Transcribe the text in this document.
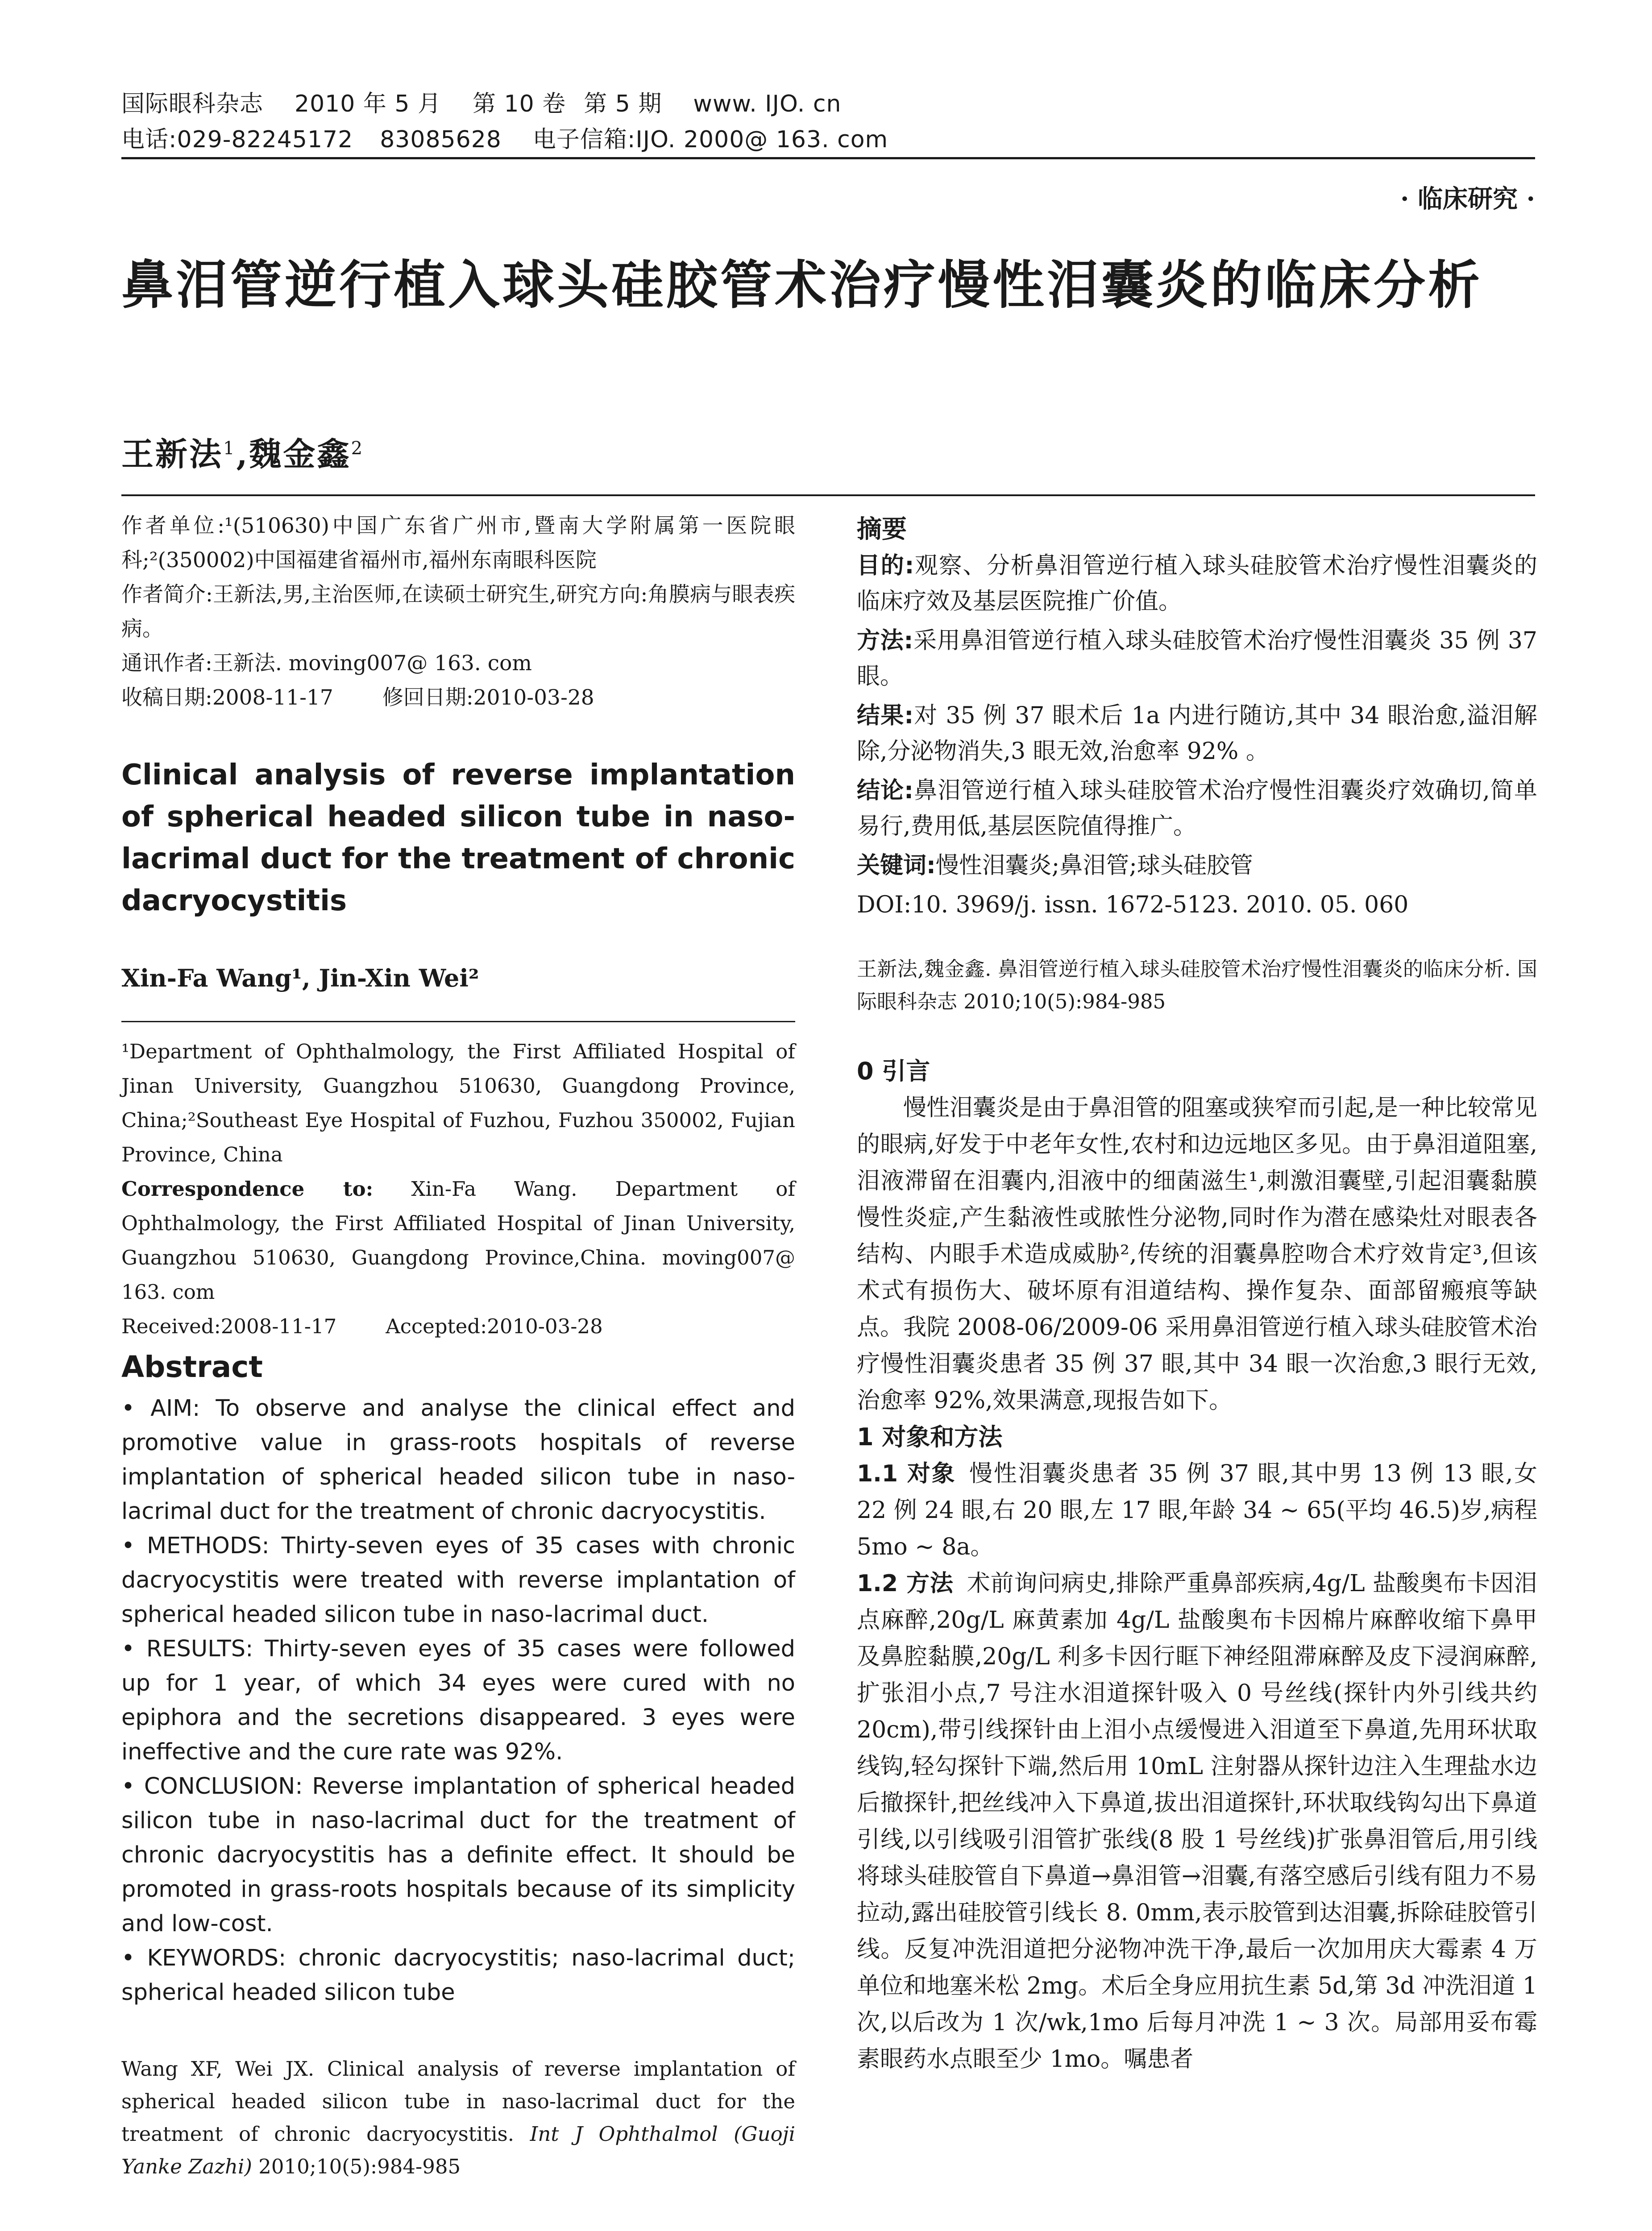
国际眼科杂志 2010 年 5 月 第 10 卷 第 5 期 www. IJO. cn
电话:029-82245172 83085628 电子信箱:IJO. 2000@ 163. com
· 临床研究 ·
鼻泪管逆行植入球头硅胶管术治疗慢性泪囊炎的临床分析
王新法$^1$,魏金鑫$^2$

作者单位:¹(510630)中国广东省广州市,暨南大学附属第一医院眼科;²(350002)中国福建省福州市,福州东南眼科医院

作者简介:王新法,男,主治医师,在读硕士研究生,研究方向:角膜病与眼表疾病。

通讯作者:王新法. moving007@ 163. com

收稿日期:2008-11-17 修回日期:2010-03-28

Clinical analysis of reverse implantation of spherical headed silicon tube in naso-lacrimal duct for the treatment of chronic dacryocystitis
Xin-Fa Wang¹, Jin-Xin Wei²

¹Department of Ophthalmology, the First Affiliated Hospital of Jinan University, Guangzhou 510630, Guangdong Province, China;²Southeast Eye Hospital of Fuzhou, Fuzhou 350002, Fujian Province, China

Correspondence to: Xin-Fa Wang. Department of Ophthalmology, the First Affiliated Hospital of Jinan University, Guangzhou 510630, Guangdong Province,China. moving007@ 163. com

Received:2008-11-17 Accepted:2010-03-28

Abstract

• AIM: To observe and analyse the clinical effect and promotive value in grass-roots hospitals of reverse implantation of spherical headed silicon tube in naso-lacrimal duct for the treatment of chronic dacryocystitis.

• METHODS: Thirty-seven eyes of 35 cases with chronic dacryocystitis were treated with reverse implantation of spherical headed silicon tube in naso-lacrimal duct.

• RESULTS: Thirty-seven eyes of 35 cases were followed up for 1 year, of which 34 eyes were cured with no epiphora and the secretions disappeared. 3 eyes were ineffective and the cure rate was 92%.

• CONCLUSION: Reverse implantation of spherical headed silicon tube in naso-lacrimal duct for the treatment of chronic dacryocystitis has a definite effect. It should be promoted in grass-roots hospitals because of its simplicity and low-cost.

• KEYWORDS: chronic dacryocystitis; naso-lacrimal duct; spherical headed silicon tube

Wang XF, Wei JX. Clinical analysis of reverse implantation of spherical headed silicon tube in naso-lacrimal duct for the treatment of chronic dacryocystitis. Int J Ophthalmol (Guoji Yanke Zazhi) 2010;10(5):984-985

摘要

目的:观察、分析鼻泪管逆行植入球头硅胶管术治疗慢性泪囊炎的临床疗效及基层医院推广价值。

方法:采用鼻泪管逆行植入球头硅胶管术治疗慢性泪囊炎 35 例 37 眼。

结果:对 35 例 37 眼术后 1a 内进行随访,其中 34 眼治愈,溢泪解除,分泌物消失,3 眼无效,治愈率 92% 。

结论:鼻泪管逆行植入球头硅胶管术治疗慢性泪囊炎疗效确切,简单易行,费用低,基层医院值得推广。

关键词:慢性泪囊炎;鼻泪管;球头硅胶管

DOI:10. 3969/j. issn. 1672-5123. 2010. 05. 060

王新法,魏金鑫. 鼻泪管逆行植入球头硅胶管术治疗慢性泪囊炎的临床分析. 国际眼科杂志 2010;10(5):984-985

0 引言

慢性泪囊炎是由于鼻泪管的阻塞或狭窄而引起,是一种比较常见的眼病,好发于中老年女性,农村和边远地区多见。由于鼻泪道阻塞,泪液滞留在泪囊内,泪液中的细菌滋生¹,刺激泪囊壁,引起泪囊黏膜慢性炎症,产生黏液性或脓性分泌物,同时作为潜在感染灶对眼表各结构、内眼手术造成威胁²,传统的泪囊鼻腔吻合术疗效肯定³,但该术式有损伤大、破坏原有泪道结构、操作复杂、面部留瘢痕等缺点。我院 2008-06/2009-06 采用鼻泪管逆行植入球头硅胶管术治疗慢性泪囊炎患者 35 例 37 眼,其中 34 眼一次治愈,3 眼行无效,治愈率 92%,效果满意,现报告如下。

1 对象和方法

1.1 对象 慢性泪囊炎患者 35 例 37 眼,其中男 13 例 13 眼,女 22 例 24 眼,右 20 眼,左 17 眼,年龄 34 ~ 65(平均 46.5)岁,病程 5mo ~ 8a。

1.2 方法 术前询问病史,排除严重鼻部疾病,4g/L 盐酸奥布卡因泪点麻醉,20g/L 麻黄素加 4g/L 盐酸奥布卡因棉片麻醉收缩下鼻甲及鼻腔黏膜,20g/L 利多卡因行眶下神经阻滞麻醉及皮下浸润麻醉,扩张泪小点,7 号注水泪道探针吸入 0 号丝线(探针内外引线共约 20cm),带引线探针由上泪小点缓慢进入泪道至下鼻道,先用环状取线钩,轻勾探针下端,然后用 10mL 注射器从探针边注入生理盐水边后撤探针,把丝线冲入下鼻道,拔出泪道探针,环状取线钩勾出下鼻道引线,以引线吸引泪管扩张线(8 股 1 号丝线)扩张鼻泪管后,用引线将球头硅胶管自下鼻道→鼻泪管→泪囊,有落空感后引线有阻力不易拉动,露出硅胶管引线长 8. 0mm,表示胶管到达泪囊,拆除硅胶管引线。反复冲洗泪道把分泌物冲洗干净,最后一次加用庆大霉素 4 万单位和地塞米松 2mg。术后全身应用抗生素 5d,第 3d 冲洗泪道 1 次,以后改为 1 次/wk,1mo 后每月冲洗 1 ~ 3 次。局部用妥布霉素眼药水点眼至少 1mo。嘱患者
